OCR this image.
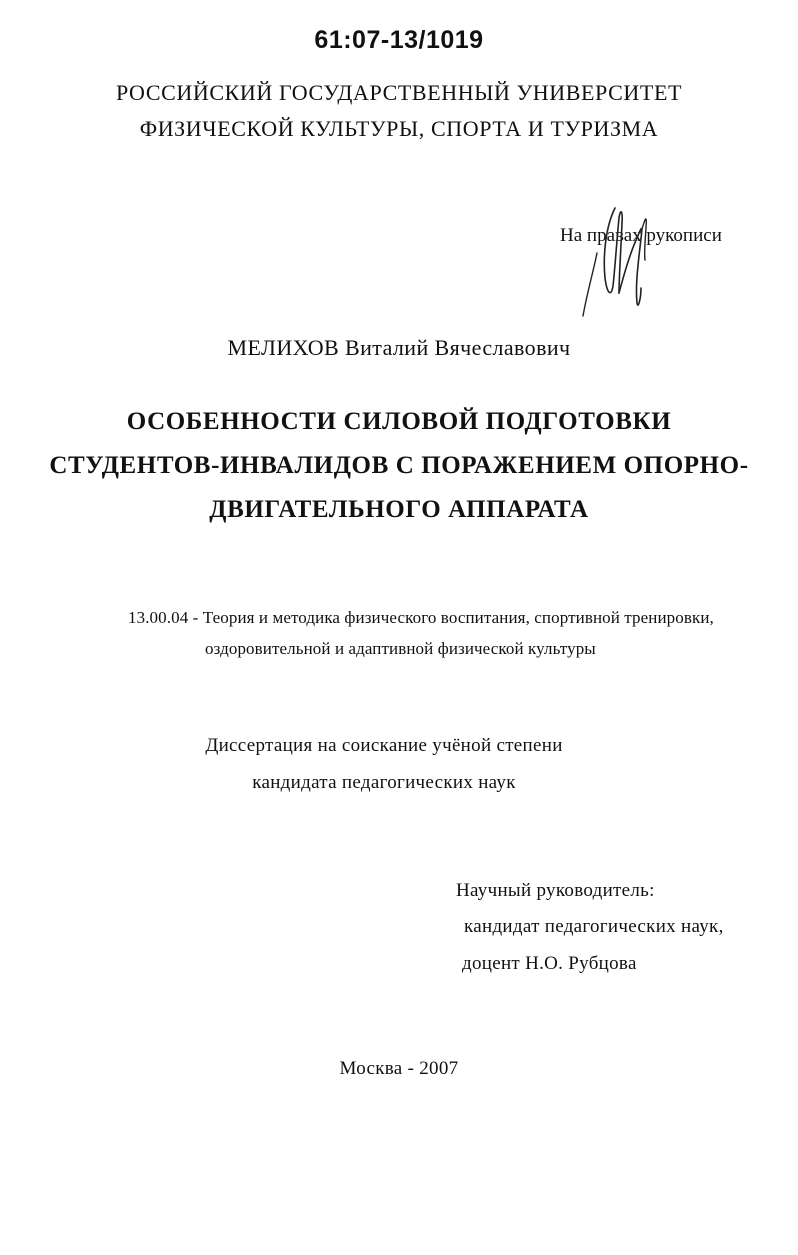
61:07-13/1019
РОССИЙСКИЙ ГОСУДАРСТВЕННЫЙ УНИВЕРСИТЕТ
ФИЗИЧЕСКОЙ КУЛЬТУРЫ, СПОРТА И ТУРИЗМА
На правах рукописи
МЕЛИХОВ Виталий Вячеславович
ОСОБЕННОСТИ СИЛОВОЙ ПОДГОТОВКИ
СТУДЕНТОВ-ИНВАЛИДОВ С ПОРАЖЕНИЕМ ОПОРНО-
ДВИГАТЕЛЬНОГО АППАРАТА
13.00.04 - Теория и методика физического воспитания, спортивной тренировки,
оздоровительной и адаптивной физической культуры
Диссертация на соискание учёной степени
кандидата педагогических наук
Научный руководитель:
кандидат педагогических наук,
доцент Н.О. Рубцова
Москва - 2007
